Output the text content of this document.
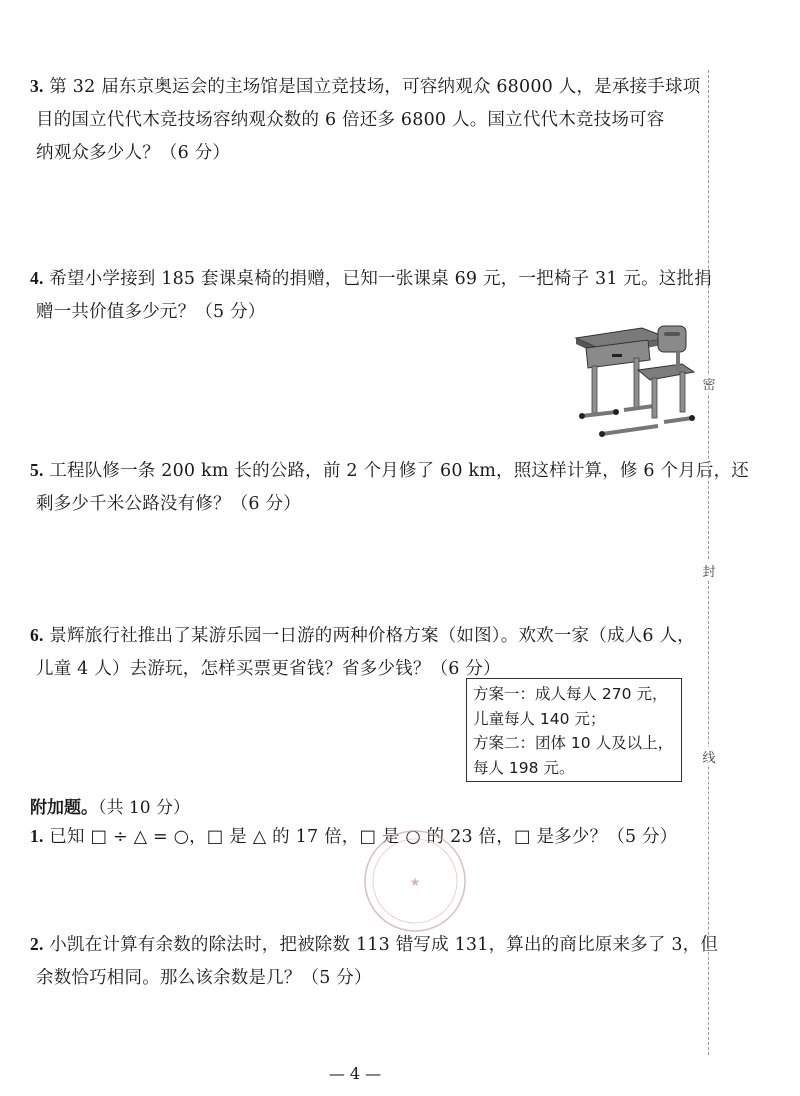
3. 第 32 届东京奥运会的主场馆是国立竞技场，可容纳观众 68000 人，是承接手球项
目的国立代代木竞技场容纳观众数的 6 倍还多 6800 人。国立代代木竞技场可容
纳观众多少人？（6 分）
4. 希望小学接到 185 套课桌椅的捐赠，已知一张课桌 69 元，一把椅子 31 元。这批捐
赠一共价值多少元？（5 分）
5. 工程队修一条 200 km 长的公路，前 2 个月修了 60 km，照这样计算，修 6 个月后，还
剩多少千米公路没有修？（6 分）
6. 景辉旅行社推出了某游乐园一日游的两种价格方案（如图）。欢欢一家（成人6 人，
儿童 4 人）去游玩，怎样买票更省钱？省多少钱？（6 分）
方案一：成人每人 270 元，
儿童每人 140 元；
方案二：团体 10 人及以上，
每人 198 元。
附加题。（共 10 分）
1. 已知 □ ÷ △ = ○，□ 是 △ 的 17 倍，□ 是 ○ 的 23 倍，□ 是多少？（5 分）
★
2. 小凯在计算有余数的除法时，把被除数 113 错写成 131，算出的商比原来多了 3，但
余数恰巧相同。那么该余数是几？（5 分）
密
封
线
— 4 —
